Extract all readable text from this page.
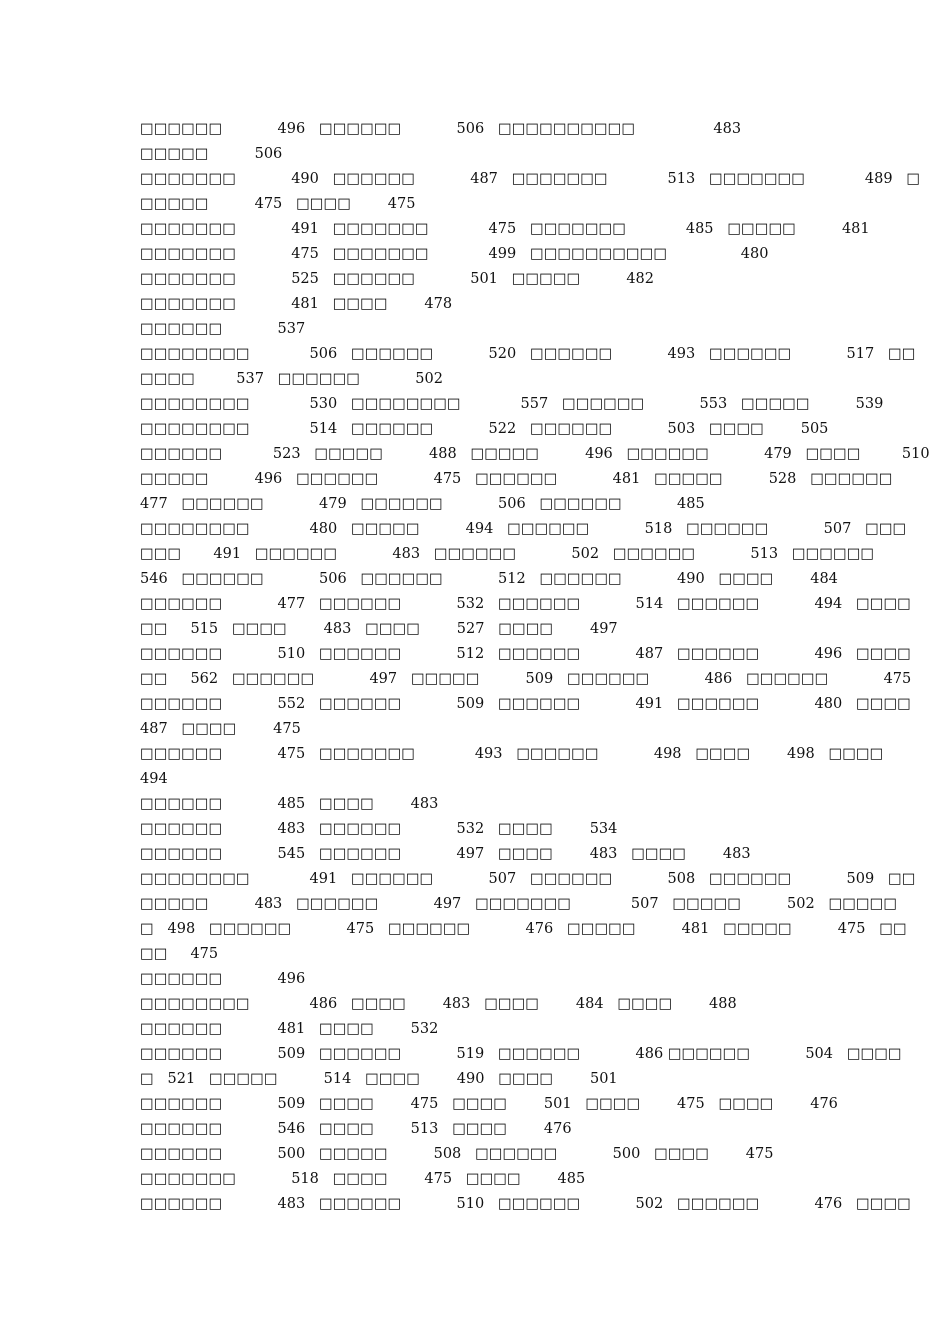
□□□□□□            496   □□□□□□            506   □□□□□□□□□□                 483
□□□□□          506
□□□□□□□            490   □□□□□□            487   □□□□□□□             513   □□□□□□□             489   □
□□□□□          475   □□□□        475
□□□□□□□            491   □□□□□□□             475   □□□□□□□             485   □□□□□          481
□□□□□□□            475   □□□□□□□             499   □□□□□□□□□□                480
□□□□□□□            525   □□□□□□            501   □□□□□          482
□□□□□□□            481   □□□□        478
□□□□□□            537
□□□□□□□□             506   □□□□□□            520   □□□□□□            493   □□□□□□            517   □□
□□□□         537   □□□□□□            502
□□□□□□□□             530   □□□□□□□□             557   □□□□□□            553   □□□□□          539
□□□□□□□□             514   □□□□□□            522   □□□□□□            503   □□□□        505
□□□□□□           523   □□□□□          488   □□□□□          496   □□□□□□            479   □□□□         510
□□□□□          496   □□□□□□            475   □□□□□□            481   □□□□□          528   □□□□□□
477   □□□□□□            479   □□□□□□            506   □□□□□□            485
□□□□□□□□             480   □□□□□          494   □□□□□□            518   □□□□□□            507   □□□
□□□       491   □□□□□□            483   □□□□□□            502   □□□□□□            513   □□□□□□
546   □□□□□□            506   □□□□□□            512   □□□□□□            490   □□□□        484
□□□□□□            477   □□□□□□            532   □□□□□□            514   □□□□□□            494   □□□□
□□     515   □□□□        483   □□□□        527   □□□□        497
□□□□□□            510   □□□□□□            512   □□□□□□            487   □□□□□□            496   □□□□
□□     562   □□□□□□            497   □□□□□          509   □□□□□□            486   □□□□□□            475
□□□□□□            552   □□□□□□            509   □□□□□□            491   □□□□□□            480   □□□□
487   □□□□        475
□□□□□□            475   □□□□□□□             493   □□□□□□            498   □□□□        498   □□□□
494
□□□□□□            485   □□□□        483
□□□□□□            483   □□□□□□            532   □□□□        534
□□□□□□            545   □□□□□□            497   □□□□        483   □□□□        483
□□□□□□□□             491   □□□□□□            507   □□□□□□            508   □□□□□□            509   □□
□□□□□          483   □□□□□□            497   □□□□□□□             507   □□□□□          502   □□□□□
□   498   □□□□□□            475   □□□□□□            476   □□□□□          481   □□□□□          475   □□
□□     475
□□□□□□            496
□□□□□□□□             486   □□□□        483   □□□□        484   □□□□        488
□□□□□□            481   □□□□        532
□□□□□□            509   □□□□□□            519   □□□□□□            486 □□□□□□            504   □□□□
□   521   □□□□□          514   □□□□        490   □□□□        501
□□□□□□            509   □□□□        475   □□□□        501   □□□□        475   □□□□        476
□□□□□□            546   □□□□        513   □□□□        476
□□□□□□            500   □□□□□          508   □□□□□□            500   □□□□        475
□□□□□□□            518   □□□□        475   □□□□        485
□□□□□□            483   □□□□□□            510   □□□□□□            502   □□□□□□            476   □□□□
